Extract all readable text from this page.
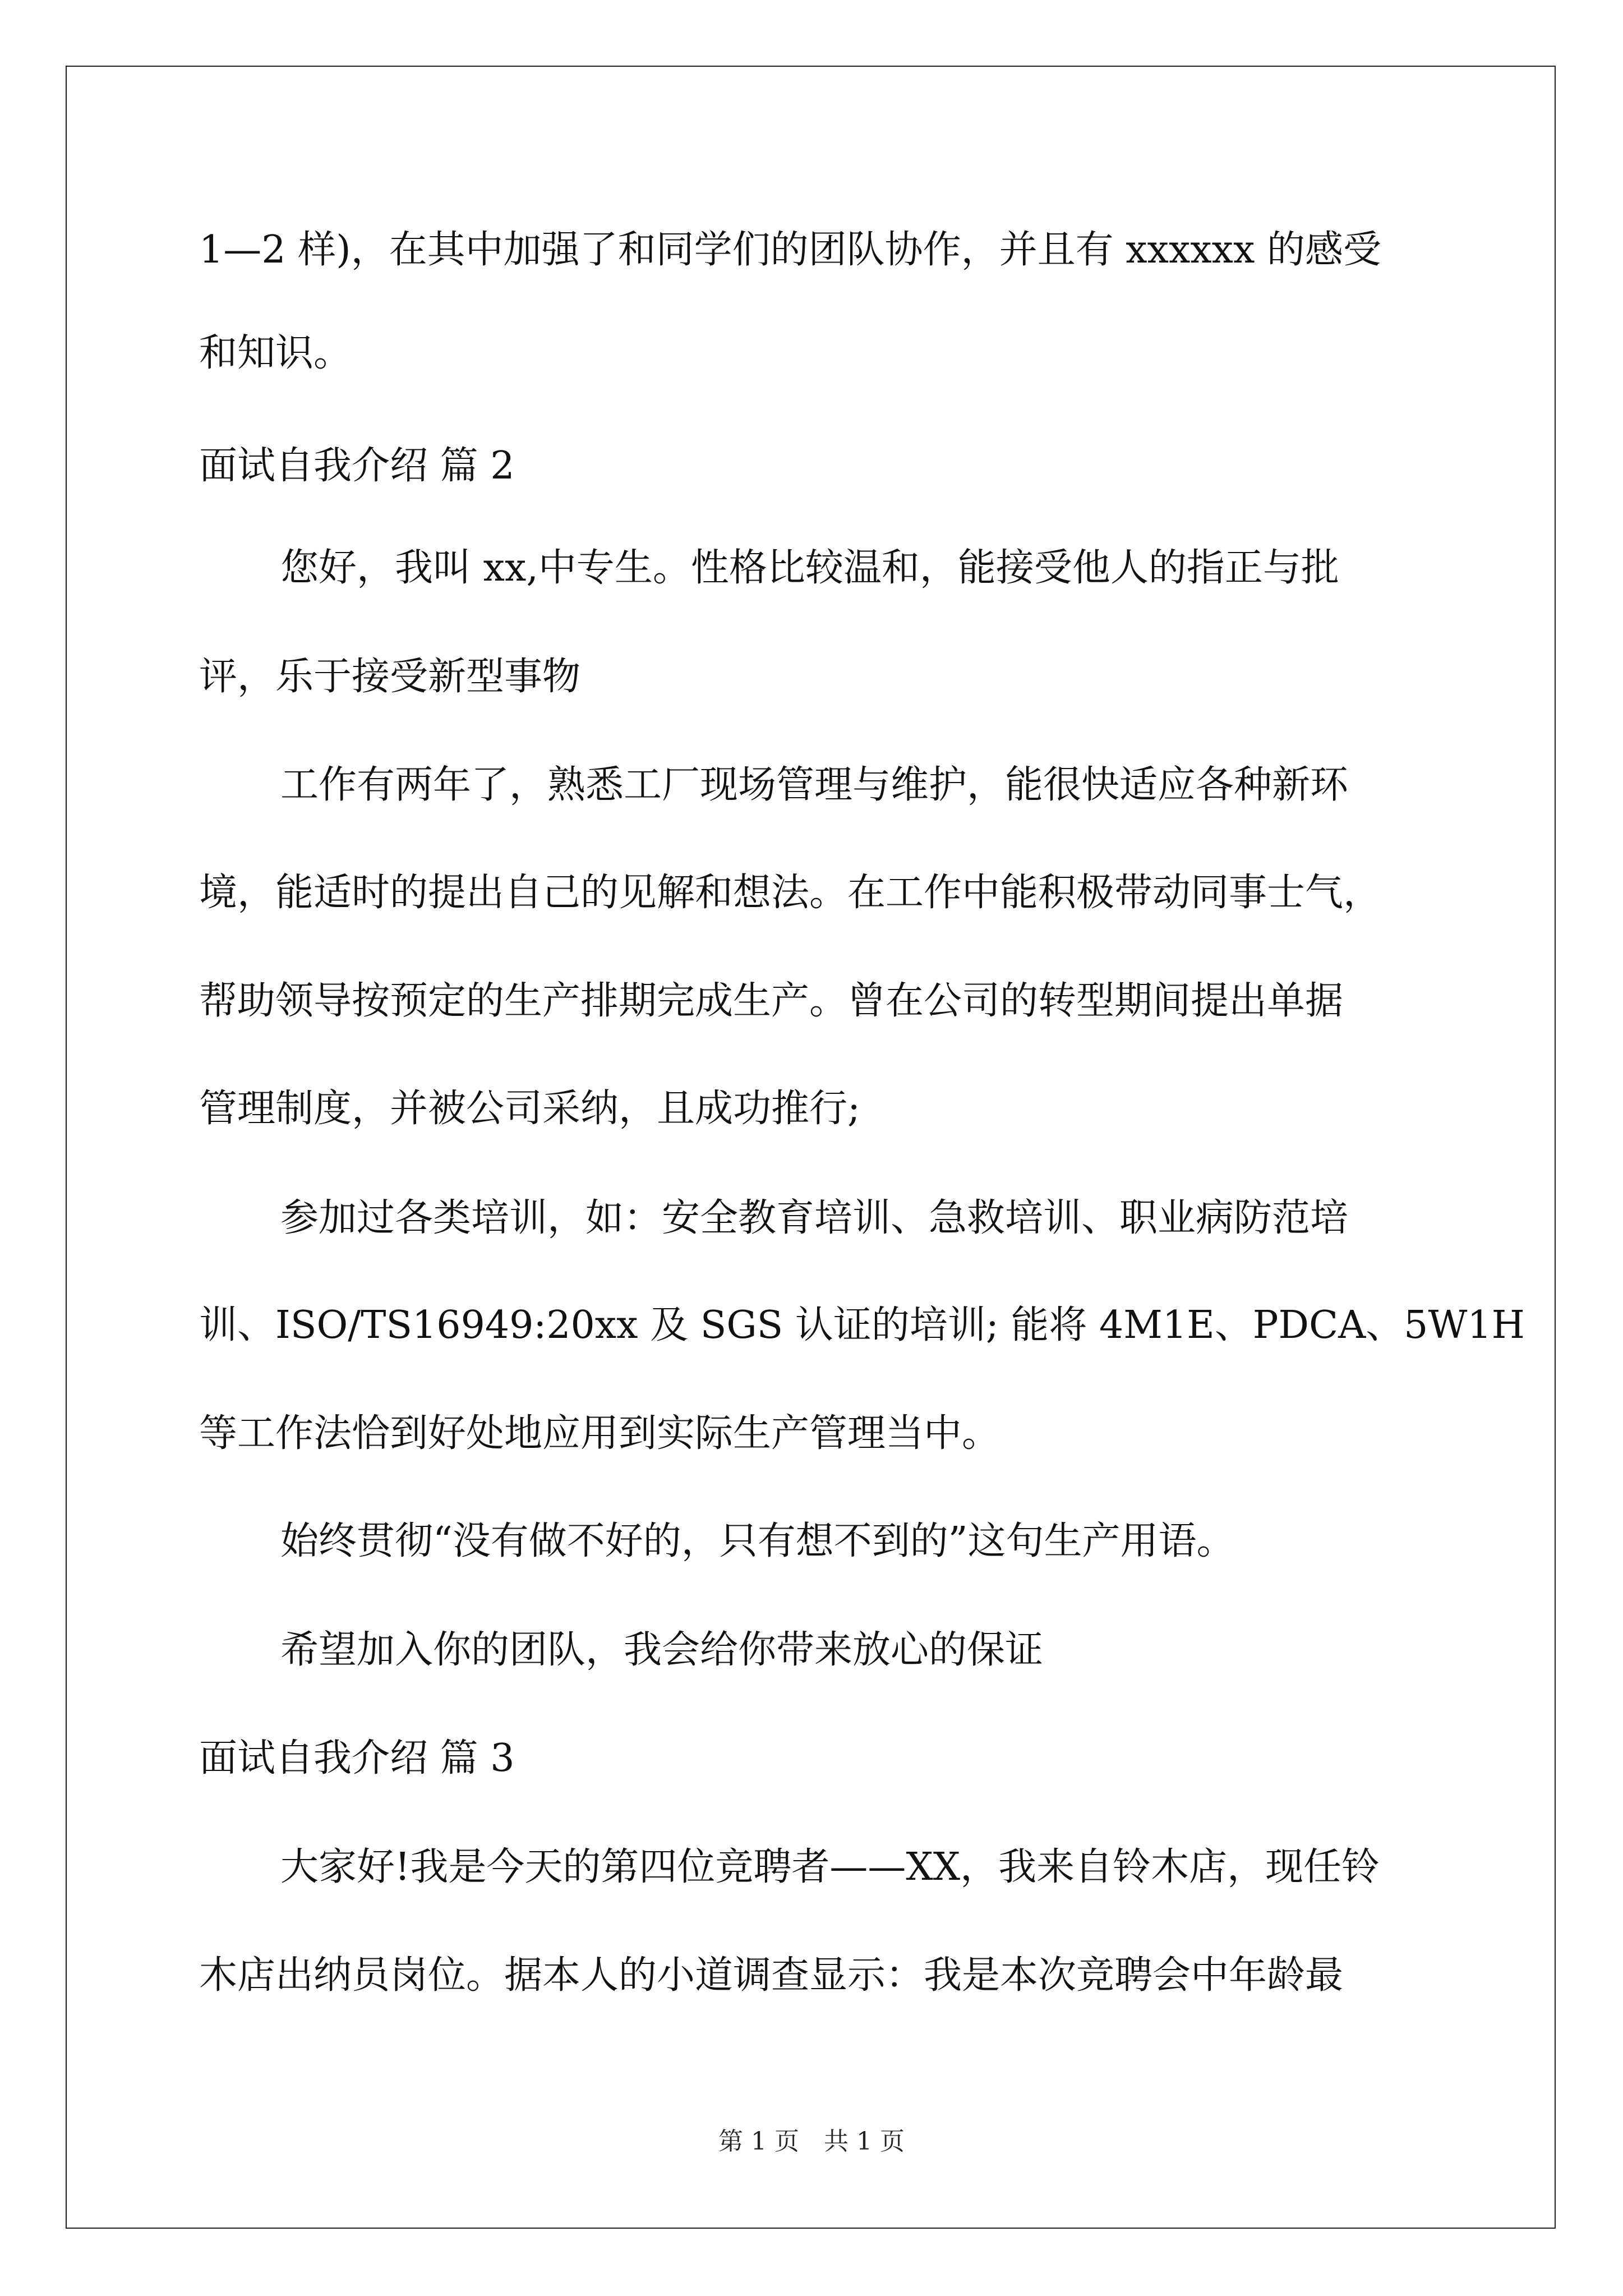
1—2 样)，在其中加强了和同学们的团队协作，并且有 xxxxxx 的感受

和知识。

面试自我介绍 篇 2

您好，我叫 xx,中专生。性格比较温和，能接受他人的指正与批

评，乐于接受新型事物

工作有两年了，熟悉工厂现场管理与维护，能很快适应各种新环

境，能适时的提出自己的见解和想法。在工作中能积极带动同事士气，

帮助领导按预定的生产排期完成生产。曾在公司的转型期间提出单据

管理制度，并被公司采纳，且成功推行;

参加过各类培训，如：安全教育培训、急救培训、职业病防范培

训、ISO/TS16949:20xx 及 SGS 认证的培训; 能将 4M1E、PDCA、5W1H

等工作法恰到好处地应用到实际生产管理当中。

始终贯彻“没有做不好的，只有想不到的”这句生产用语。

希望加入你的团队，我会给你带来放心的保证

面试自我介绍 篇 3

大家好!我是今天的第四位竞聘者——XX，我来自铃木店，现任铃

木店出纳员岗位。据本人的小道调查显示：我是本次竞聘会中年龄最

第 1 页　共 1 页
